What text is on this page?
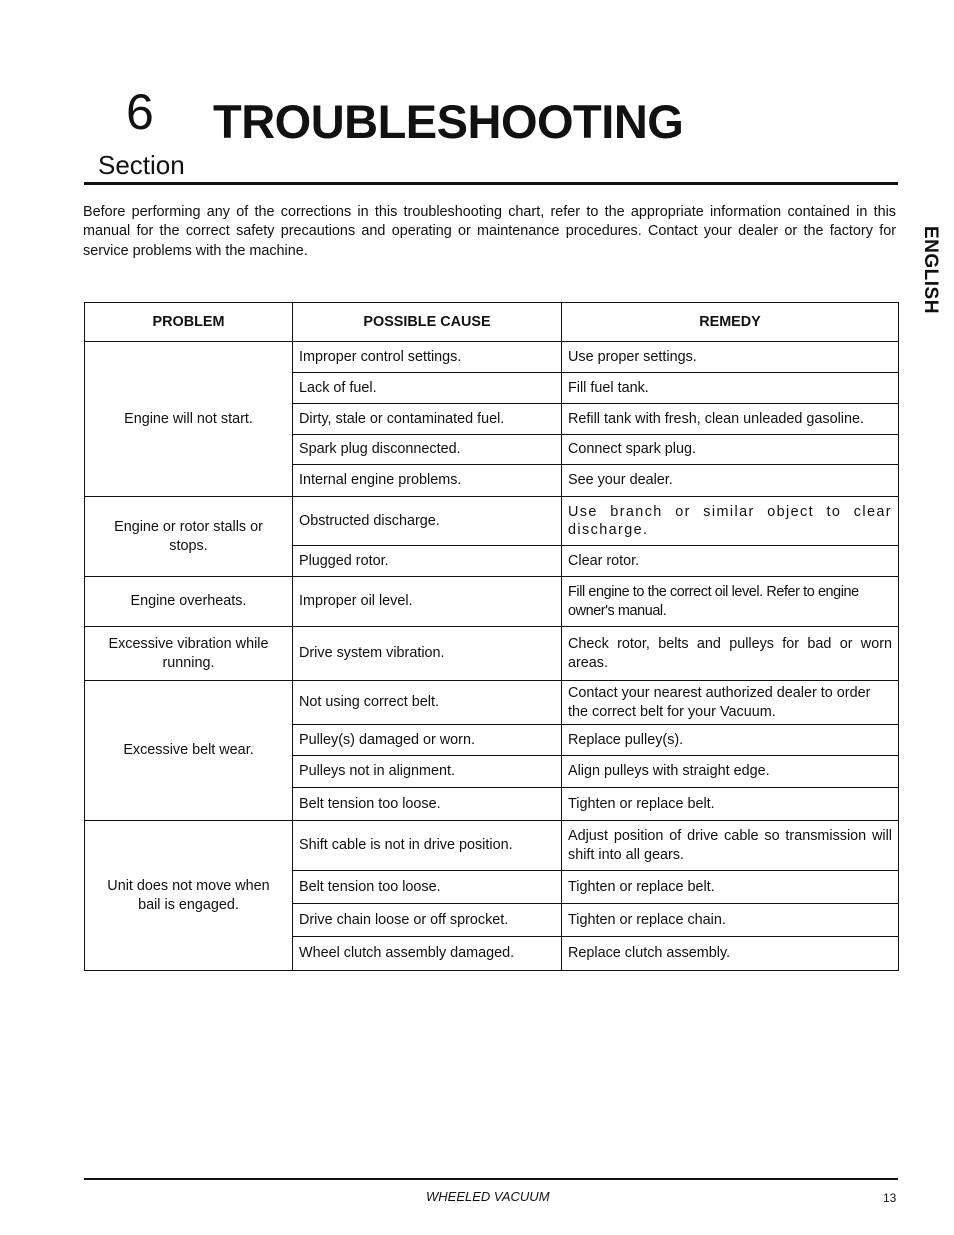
6 TROUBLESHOOTING
Section
ENGLISH

Before performing any of the corrections in this troubleshooting chart, refer to the appropriate information contained in this manual for the correct safety precautions and operating or maintenance procedures. Contact your dealer or the factory for service problems with the machine.

PROBLEM	POSSIBLE CAUSE	REMEDY
Engine will not start.	Improper control settings.	Use proper settings.
	Lack of fuel.	Fill fuel tank.
	Dirty, stale or contaminated fuel.	Refill tank with fresh, clean unleaded gasoline.
	Spark plug disconnected.	Connect spark plug.
	Internal engine problems.	See your dealer.
Engine or rotor stalls or stops.	Obstructed discharge.	Use branch or similar object to clear discharge.
	Plugged rotor.	Clear rotor.
Engine overheats.	Improper oil level.	Fill engine to the correct oil level. Refer to engine owner's manual.
Excessive vibration while running.	Drive system vibration.	Check rotor, belts and pulleys for bad or worn areas.
Excessive belt wear.	Not using correct belt.	Contact your nearest authorized dealer to order the correct belt for your Vacuum.
	Pulley(s) damaged or worn.	Replace pulley(s).
	Pulleys not in alignment.	Align pulleys with straight edge.
	Belt tension too loose.	Tighten or replace belt.
Unit does not move when bail is engaged.	Shift cable is not in drive position.	Adjust position of drive cable so transmission will shift into all gears.
	Belt tension too loose.	Tighten or replace belt.
	Drive chain loose or off sprocket.	Tighten or replace chain.
	Wheel clutch assembly damaged.	Replace clutch assembly.
WHEELED VACUUM	13
